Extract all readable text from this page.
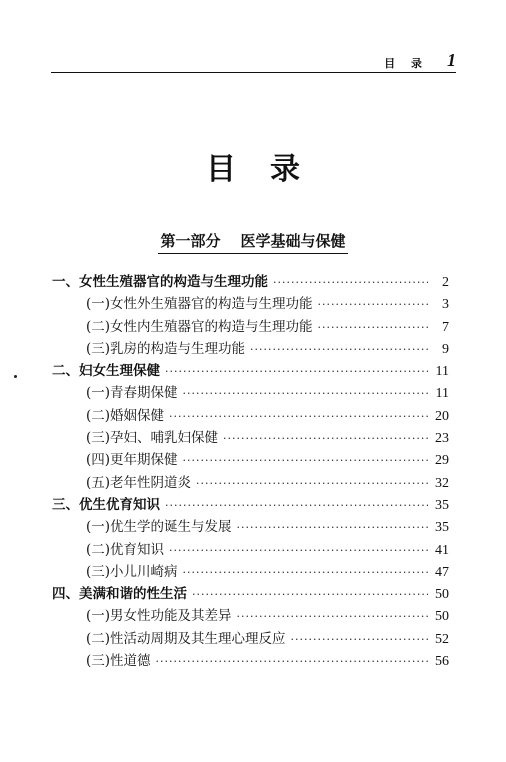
目 录 1
目录
第一部分 医学基础与保健
一、女性生殖器官的构造与生理功能 ·····	2
(一)女性外生殖器官的构造与生理功能 ·····	3
(二)女性内生殖器官的构造与生理功能 ·····	7
(三)乳房的构造与生理功能 ·····	9
二、妇女生理保健 ·····	11
(一)青春期保健 ·····	11
(二)婚姻保健 ·····	20
(三)孕妇、哺乳妇保健 ·····	23
(四)更年期保健 ·····	29
(五)老年性阴道炎 ·····	32
三、优生优育知识 ·····	35
(一)优生学的诞生与发展 ·····	35
(二)优育知识 ·····	41
(三)小儿川崎病 ·····	47
四、美满和谐的性生活 ·····	50
(一)男女性功能及其差异 ·····	50
(二)性活动周期及其生理心理反应 ·····	52
(三)性道德 ·····	56
